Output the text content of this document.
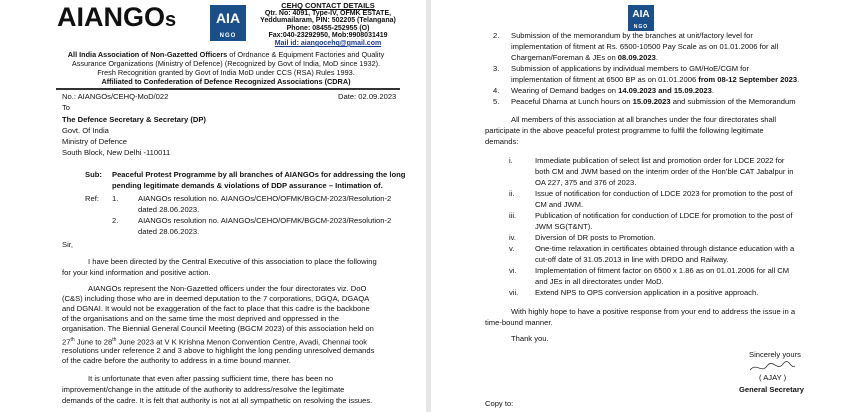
AIANGOs	AIA
NGO
CEHQ CONTACT DETAILS
Qtr. No: 4091, Type-IV, OFMK ESTATE,
Yeddumailaram, PIN: 502205 (Telangana)
Phone: 08455-252955 (O)
Fax:040-23292950, Mob:9908031419
Mail id: aiangocehq@gmail.com
All India Association of Non-Gazetted Officers of Ordnance & Equipment Factories and Quality
Assurance Organizations (Ministry of Defence) (Recognized by Govt of India, MoD since 1932).
Fresh Recognition granted by Govt of India MoD under CCS (RSA) Rules 1993.
Affiliated to Confederation of Defence Recognized Associations (CDRA)
No.: AIANGOs/CEHQ-MoD/022	Date: 02.09.2023
To
The Defence Secretary & Secretary (DP)
Govt. Of India
Ministry of Defence
South Block, New Delhi -110011
Sub: Peaceful Protest Programme by all branches of AIANGOs for addressing the long
pending legitimate demands & violations of DDP assurance – Intimation of.
Ref: 1.	AIANGOs resolution no. AIANGOs/CEHO/OFMK/BGCM-2023/Resolution-2
dated 28.06.2023.
2.	AIANGOs resolution no. AIANGOs/CEHO/OFMK/BGCM-2023/Resolution-2
dated 28.06.2023.
Sir,
I have been directed by the Central Executive of this association to place the following
for your kind information and positive action.
AIANGOs represent the Non-Gazetted officers under the four directorates viz. DoO
(C&S) including those who are in deemed deputation to the 7 corporations, DGQA, DGAQA
and DGNAI. It would not be exaggeration of the fact to place that this cadre is the backbone
of the organisations and on the same time the most deprived and oppressed in the
organisation. The Biennial General Council Meeting (BGCM 2023) of this association held on
27th June to 28th June 2023 at V K Krishna Menon Convention Centre, Avadi, Chennai took
resolutions under reference 2 and 3 above to highlight the long pending unresolved demands
of the cadre before the authority to address in a time bound manner.
It is unfortunate that even after passing sufficient time, there has been no
improvement/change in the attitude of the authority to address/resolve the legitimate
demands of the cadre. It is felt that authority is not at all sympathetic on resolving the issues.
AIA
NGO
2. Submission of the memorandum by the branches at unit/factory level for
implementation of fitment at Rs. 6500-10500 Pay Scale as on 01.01.2006 for all
Chargeman/Foreman & JEs on 08.09.2023.
3. Submission of applications by individual members to GM/HoE/CGM for
implementation of fitment at 6500 BP as on 01.01.2006 from 08-12 September 2023.
4. Wearing of Demand badges on 14.09.2023 and 15.09.2023.
5. Peaceful Dharna at Lunch hours on 15.09.2023 and submission of the Memorandum
All members of this association at all branches under the four directorates shall
participate in the above peaceful protest programme to fulfil the following legitimate
demands:
i.	Immediate publication of select list and promotion order for LDCE 2022 for
both CM and JWM based on the interim order of the Hon’ble CAT Jabalpur in
OA 227, 375 and 376 of 2023.
ii.	Issue of notification for conduction of LDCE 2023 for promotion to the post of
CM and JWM.
iii. Publication of notification for conduction of LDCE for promotion to the post of
JWM SG(T&NT).
iv. Diversion of DR posts to Promotion.
v.	One-time relaxation in certificates obtained through distance education with a
cut-off date of 31.05.2013 in line with DRDO and Railway.
vi. Implementation of fitment factor on 6500 x 1.86 as on 01.01.2006 for all CM
and JEs in all directorates under MoD.
vii. Extend NPS to OPS conversion application in a positive approach.
With highly hope to have a positive response from your end to address the issue in a
time-bound manner.
Thank you.
Sincerely yours
( AJAY )
General Secretary
Copy to:
